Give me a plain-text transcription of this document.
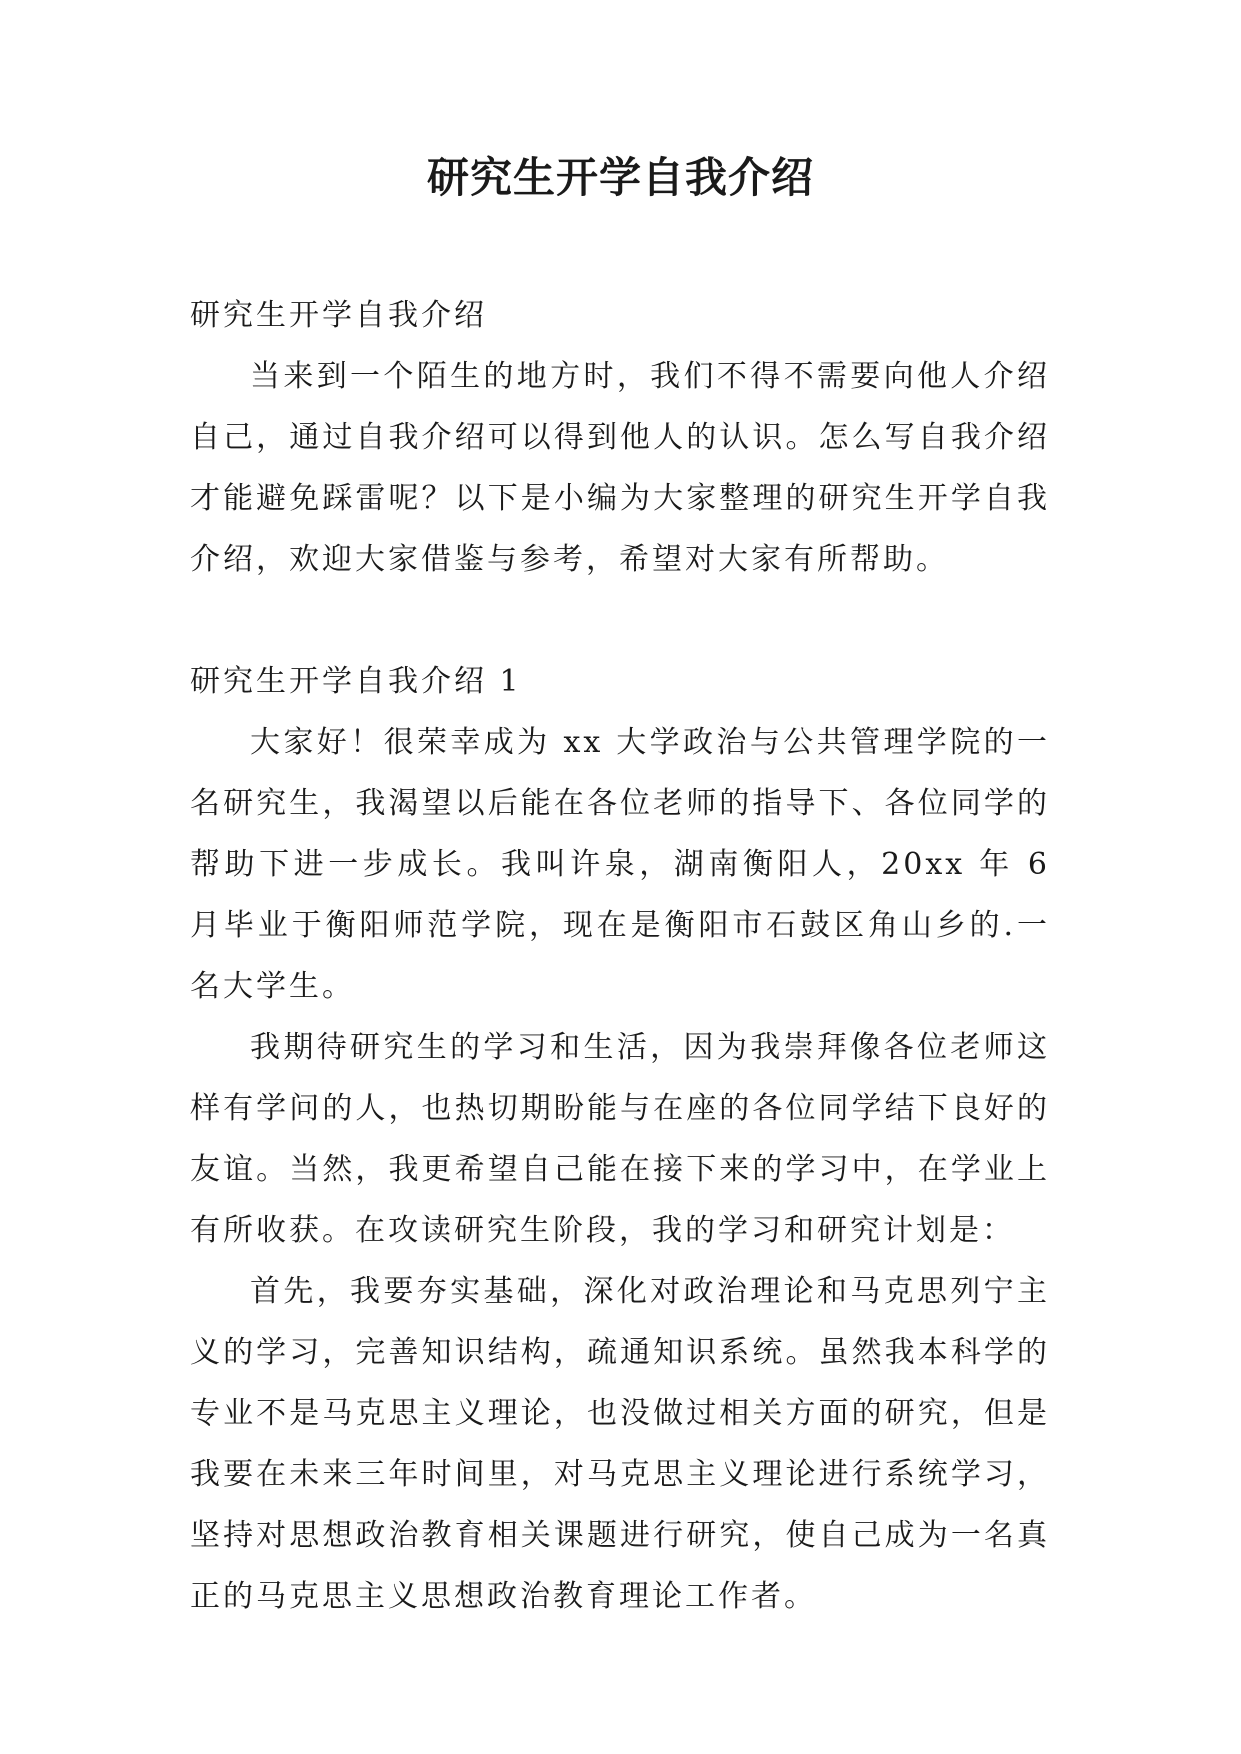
研究生开学自我介绍

研究生开学自我介绍

当来到一个陌生的地方时，我们不得不需要向他人介绍自己，通过自我介绍可以得到他人的认识。怎么写自我介绍才能避免踩雷呢？以下是小编为大家整理的研究生开学自我介绍，欢迎大家借鉴与参考，希望对大家有所帮助。

研究生开学自我介绍 1

大家好！很荣幸成为 xx 大学政治与公共管理学院的一名研究生，我渴望以后能在各位老师的指导下、各位同学的帮助下进一步成长。我叫许泉，湖南衡阳人，20xx 年 6 月毕业于衡阳师范学院，现在是衡阳市石鼓区角山乡的.一名大学生。

我期待研究生的学习和生活，因为我崇拜像各位老师这样有学问的人，也热切期盼能与在座的各位同学结下良好的友谊。当然，我更希望自己能在接下来的学习中，在学业上有所收获。在攻读研究生阶段，我的学习和研究计划是：

首先，我要夯实基础，深化对政治理论和马克思列宁主义的学习，完善知识结构，疏通知识系统。虽然我本科学的专业不是马克思主义理论，也没做过相关方面的研究，但是我要在未来三年时间里，对马克思主义理论进行系统学习，坚持对思想政治教育相关课题进行研究，使自己成为一名真正的马克思主义思想政治教育理论工作者。
